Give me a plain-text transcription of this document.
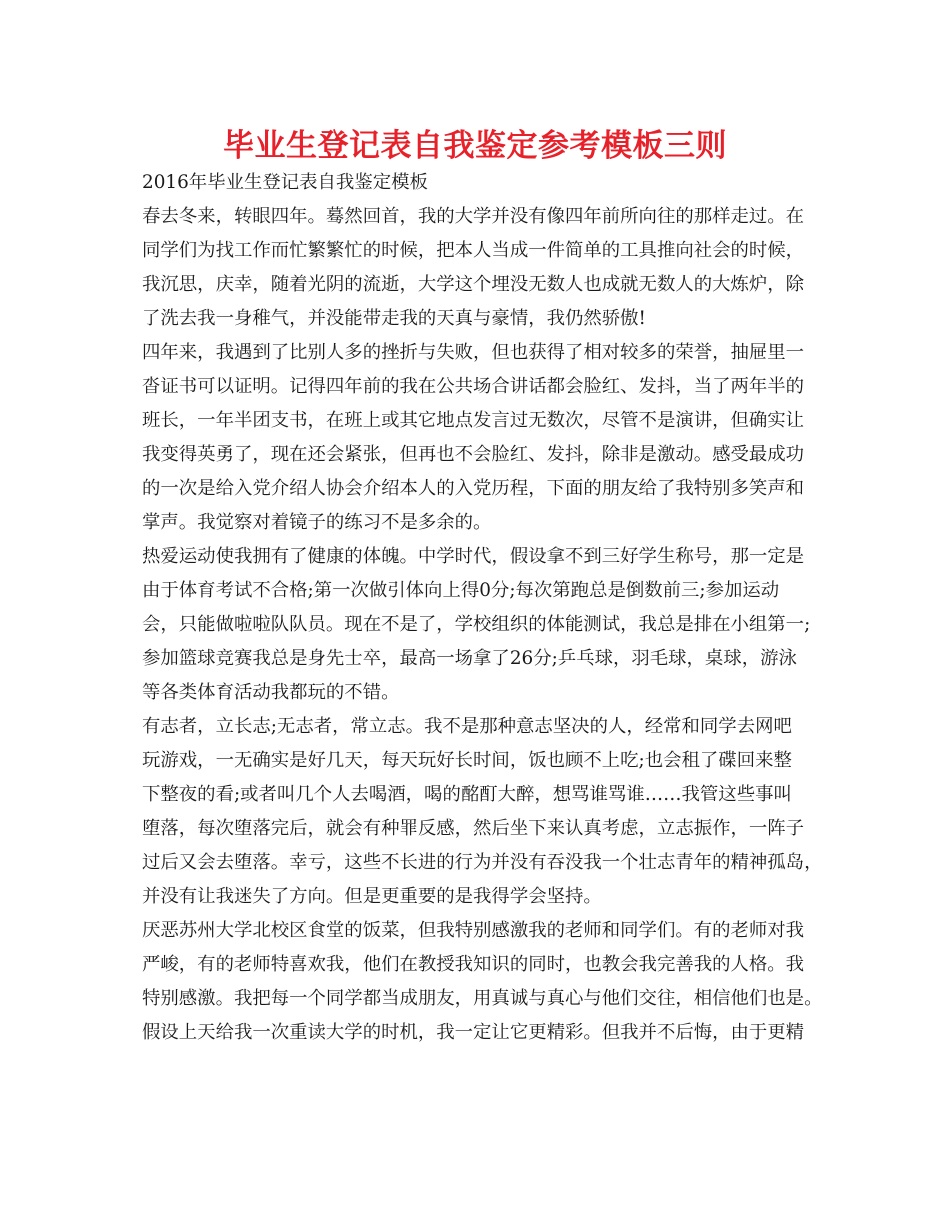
毕业生登记表自我鉴定参考模板三则

2016年毕业生登记表自我鉴定模板

春去冬来，转眼四年。蓦然回首，我的大学并没有像四年前所向往的那样走过。在
同学们为找工作而忙繁繁忙的时候，把本人当成一件简单的工具推向社会的时候，
我沉思，庆幸，随着光阴的流逝，大学这个埋没无数人也成就无数人的大炼炉，除
了洗去我一身稚气，并没能带走我的天真与豪情，我仍然骄傲!

四年来，我遇到了比别人多的挫折与失败，但也获得了相对较多的荣誉，抽屉里一
沓证书可以证明。记得四年前的我在公共场合讲话都会脸红、发抖，当了两年半的
班长，一年半团支书，在班上或其它地点发言过无数次，尽管不是演讲，但确实让
我变得英勇了，现在还会紧张，但再也不会脸红、发抖，除非是激动。感受最成功
的一次是给入党介绍人协会介绍本人的入党历程，下面的朋友给了我特别多笑声和
掌声。我觉察对着镜子的练习不是多余的。

热爱运动使我拥有了健康的体魄。中学时代，假设拿不到三好学生称号，那一定是
由于体育考试不合格;第一次做引体向上得0分;每次第跑总是倒数前三;参加运动
会，只能做啦啦队队员。现在不是了，学校组织的体能测试，我总是排在小组第一;
参加篮球竞赛我总是身先士卒，最高一场拿了26分;乒乓球，羽毛球，桌球，游泳
等各类体育活动我都玩的不错。

有志者，立长志;无志者，常立志。我不是那种意志坚决的人，经常和同学去网吧
玩游戏，一无确实是好几天，每天玩好长时间，饭也顾不上吃;也会租了碟回来整
下整夜的看;或者叫几个人去喝酒，喝的酩酊大醉，想骂谁骂谁……我管这些事叫
堕落，每次堕落完后，就会有种罪反感，然后坐下来认真考虑，立志振作，一阵子
过后又会去堕落。幸亏，这些不长进的行为并没有吞没我一个壮志青年的精神孤岛，
并没有让我迷失了方向。但是更重要的是我得学会坚持。

厌恶苏州大学北校区食堂的饭菜，但我特别感激我的老师和同学们。有的老师对我
严峻，有的老师特喜欢我，他们在教授我知识的同时，也教会我完善我的人格。我
特别感激。我把每一个同学都当成朋友，用真诚与真心与他们交往，相信他们也是。
假设上天给我一次重读大学的时机，我一定让它更精彩。但我并不后悔，由于更精
